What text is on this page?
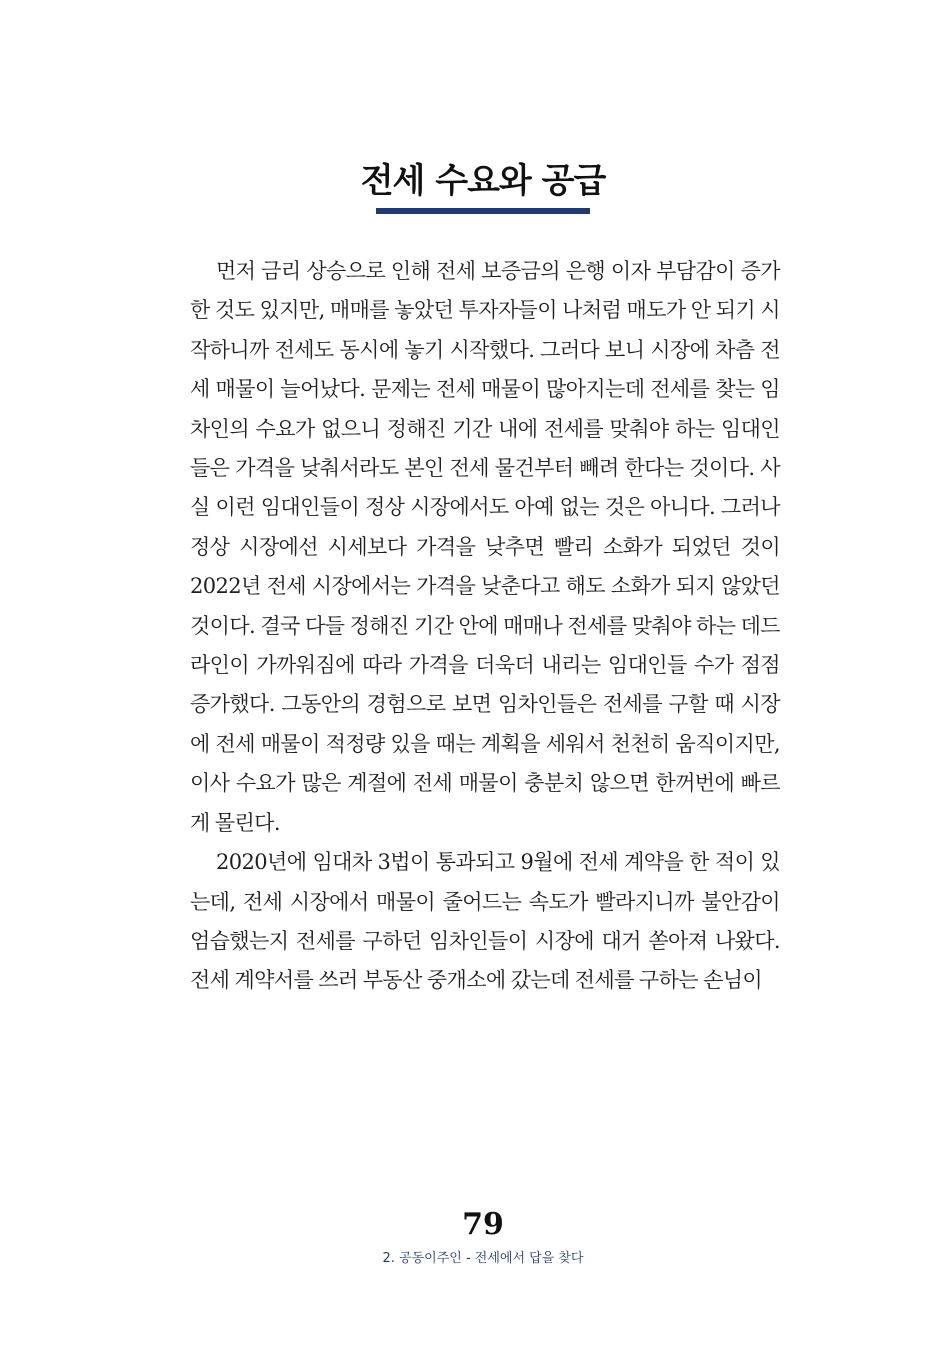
전세 수요와 공급

먼저 금리 상승으로 인해 전세 보증금의 은행 이자 부담감이 증가한 것도 있지만, 매매를 놓았던 투자자들이 나처럼 매도가 안 되기 시작하니까 전세도 동시에 놓기 시작했다. 그러다 보니 시장에 차츰 전세 매물이 늘어났다. 문제는 전세 매물이 많아지는데 전세를 찾는 임차인의 수요가 없으니 정해진 기간 내에 전세를 맞춰야 하는 임대인들은 가격을 낮춰서라도 본인 전세 물건부터 빼려 한다는 것이다. 사실 이런 임대인들이 정상 시장에서도 아예 없는 것은 아니다. 그러나 정상 시장에선 시세보다 가격을 낮추면 빨리 소화가 되었던 것이 2022년 전세 시장에서는 가격을 낮춘다고 해도 소화가 되지 않았던 것이다. 결국 다들 정해진 기간 안에 매매나 전세를 맞춰야 하는 데드라인이 가까워짐에 따라 가격을 더욱더 내리는 임대인들 수가 점점 증가했다. 그동안의 경험으로 보면 임차인들은 전세를 구할 때 시장에 전세 매물이 적정량 있을 때는 계획을 세워서 천천히 움직이지만, 이사 수요가 많은 계절에 전세 매물이 충분치 않으면 한꺼번에 빠르게 몰린다.

2020년에 임대차 3법이 통과되고 9월에 전세 계약을 한 적이 있는데, 전세 시장에서 매물이 줄어드는 속도가 빨라지니까 불안감이 엄습했는지 전세를 구하던 임차인들이 시장에 대거 쏟아져 나왔다. 전세 계약서를 쓰러 부동산 중개소에 갔는데 전세를 구하는 손님이

79
2. 공동이주인 - 전세에서 답을 찾다
